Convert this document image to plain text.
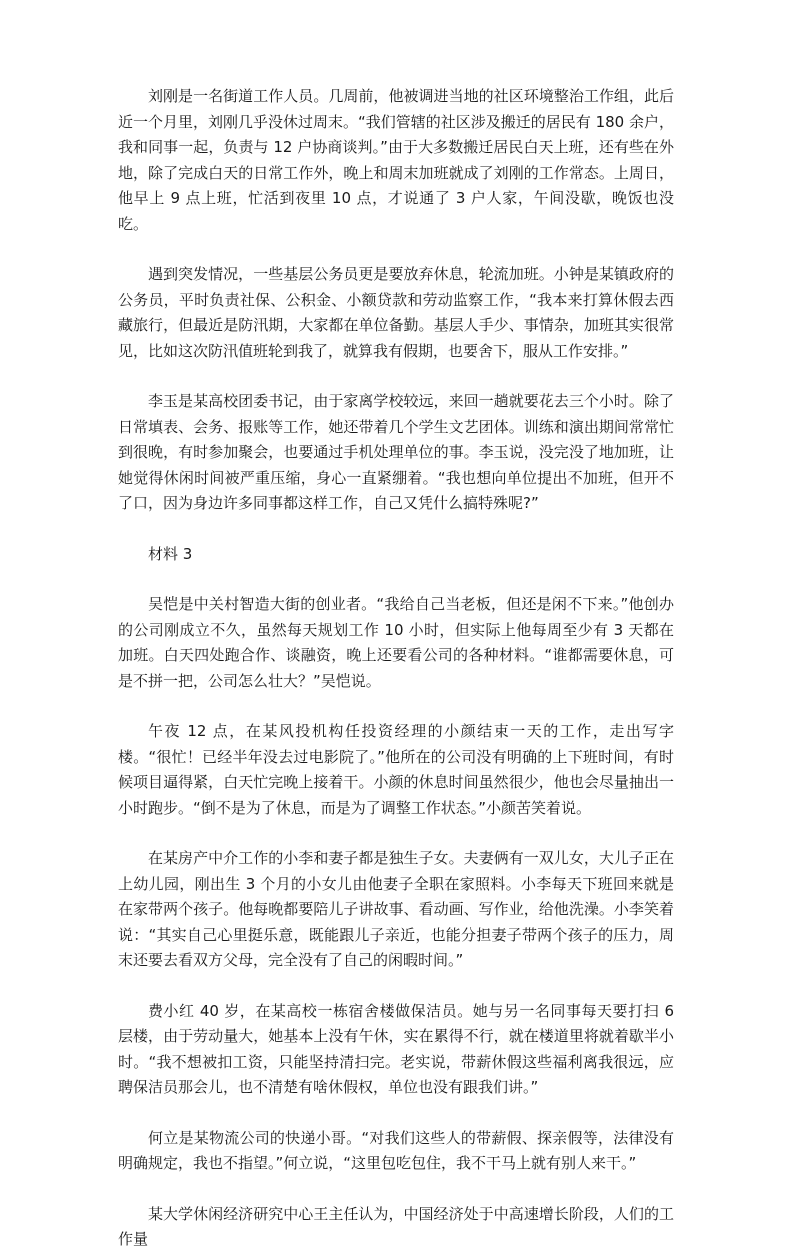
刘刚是一名街道工作人员。几周前，他被调进当地的社区环境整治工作组，此后近一个月里，刘刚几乎没休过周末。“我们管辖的社区涉及搬迁的居民有 180 余户，我和同事一起，负责与 12 户协商谈判。”由于大多数搬迁居民白天上班，还有些在外地，除了完成白天的日常工作外，晚上和周末加班就成了刘刚的工作常态。上周日，他早上 9 点上班，忙活到夜里 10 点，才说通了 3 户人家，午间没歇，晚饭也没吃。

遇到突发情况，一些基层公务员更是要放弃休息，轮流加班。小钟是某镇政府的公务员，平时负责社保、公积金、小额贷款和劳动监察工作，“我本来打算休假去西藏旅行，但最近是防汛期，大家都在单位备勤。基层人手少、事情杂，加班其实很常见，比如这次防汛值班轮到我了，就算我有假期，也要舍下，服从工作安排。”

李玉是某高校团委书记，由于家离学校较远，来回一趟就要花去三个小时。除了日常填表、会务、报账等工作，她还带着几个学生文艺团体。训练和演出期间常常忙到很晚，有时参加聚会，也要通过手机处理单位的事。李玉说，没完没了地加班，让她觉得休闲时间被严重压缩，身心一直紧绷着。“我也想向单位提出不加班，但开不了口，因为身边许多同事都这样工作，自己又凭什么搞特殊呢?”

材料 3

吴恺是中关村智造大街的创业者。“我给自己当老板，但还是闲不下来。”他创办的公司刚成立不久，虽然每天规划工作 10 小时，但实际上他每周至少有 3 天都在加班。白天四处跑合作、谈融资，晚上还要看公司的各种材料。“谁都需要休息，可是不拼一把，公司怎么壮大？”吴恺说。

午夜 12 点，在某风投机构任投资经理的小颜结束一天的工作，走出写字楼。“很忙！已经半年没去过电影院了。”他所在的公司没有明确的上下班时间，有时候项目逼得紧，白天忙完晚上接着干。小颜的休息时间虽然很少，他也会尽量抽出一小时跑步。“倒不是为了休息，而是为了调整工作状态。”小颜苦笑着说。

在某房产中介工作的小李和妻子都是独生子女。夫妻俩有一双儿女，大儿子正在上幼儿园，刚出生 3 个月的小女儿由他妻子全职在家照料。小李每天下班回来就是在家带两个孩子。他每晚都要陪儿子讲故事、看动画、写作业，给他洗澡。小李笑着说：“其实自己心里挺乐意，既能跟儿子亲近，也能分担妻子带两个孩子的压力，周末还要去看双方父母，完全没有了自己的闲暇时间。”

费小红 40 岁，在某高校一栋宿舍楼做保洁员。她与另一名同事每天要打扫 6 层楼，由于劳动量大，她基本上没有午休，实在累得不行，就在楼道里将就着歇半小时。“我不想被扣工资，只能坚持清扫完。老实说，带薪休假这些福利离我很远，应聘保洁员那会儿，也不清楚有啥休假权，单位也没有跟我们讲。”

何立是某物流公司的快递小哥。“对我们这些人的带薪假、探亲假等，法律没有明确规定，我也不指望。”何立说，“这里包吃包住，我不干马上就有别人来干。”

某大学休闲经济研究中心王主任认为，中国经济处于中高速增长阶段，人们的工作量
